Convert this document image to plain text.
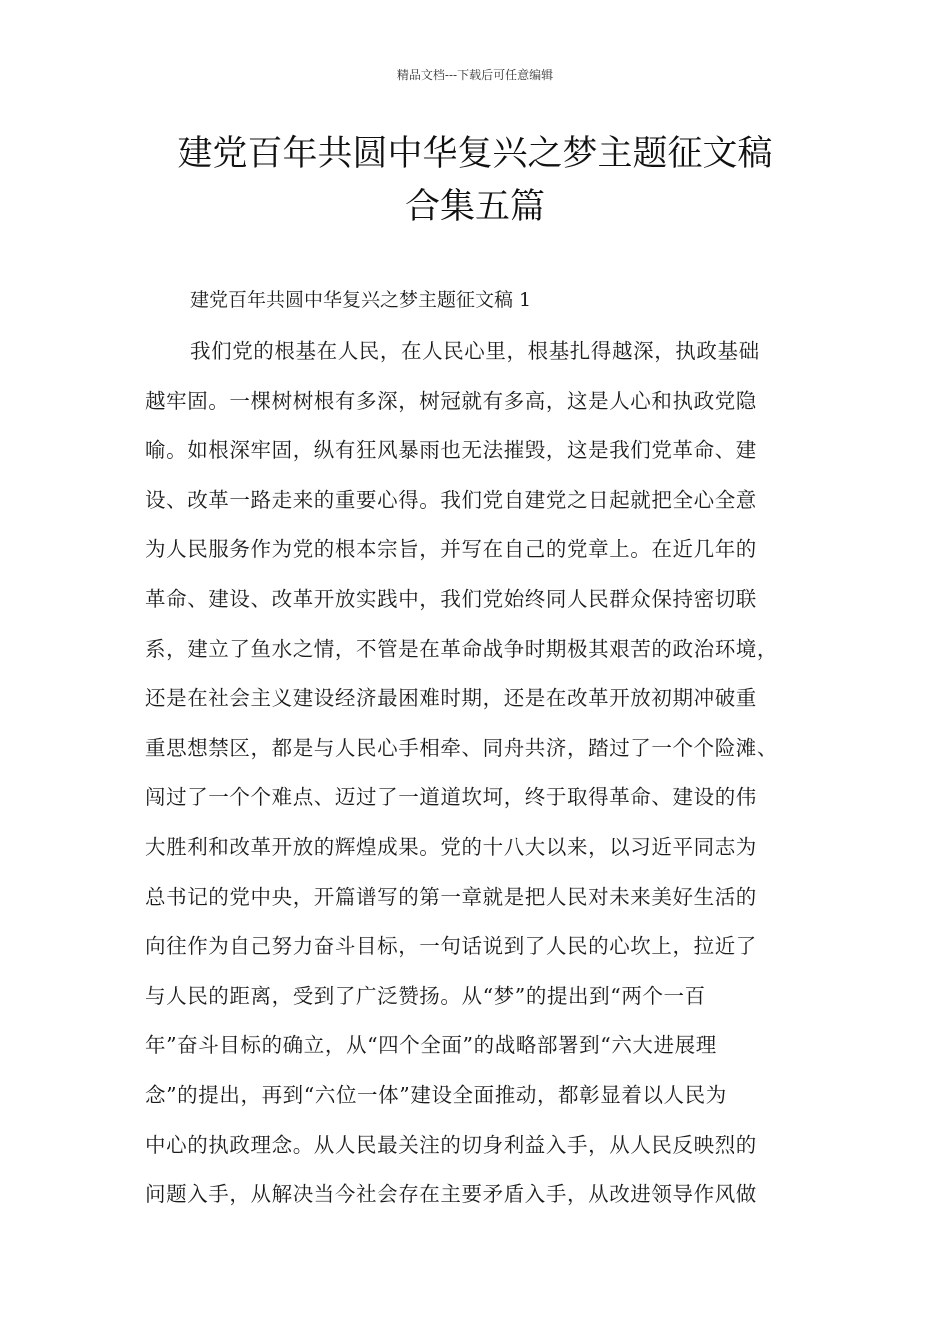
精品文档---下载后可任意编辑
建党百年共圆中华复兴之梦主题征文稿
合集五篇

建党百年共圆中华复兴之梦主题征文稿 1

我们党的根基在人民，在人民心里，根基扎得越深，执政基础
越牢固。一棵树树根有多深，树冠就有多高，这是人心和执政党隐
喻。如根深牢固，纵有狂风暴雨也无法摧毁，这是我们党革命、建
设、改革一路走来的重要心得。我们党自建党之日起就把全心全意
为人民服务作为党的根本宗旨，并写在自己的党章上。在近几年的
革命、建设、改革开放实践中，我们党始终同人民群众保持密切联
系，建立了鱼水之情，不管是在革命战争时期极其艰苦的政治环境，
还是在社会主义建设经济最困难时期，还是在改革开放初期冲破重
重思想禁区，都是与人民心手相牵、同舟共济，踏过了一个个险滩、
闯过了一个个难点、迈过了一道道坎坷，终于取得革命、建设的伟
大胜利和改革开放的辉煌成果。党的十八大以来，以习近平同志为
总书记的党中央，开篇谱写的第一章就是把人民对未来美好生活的
向往作为自己努力奋斗目标，一句话说到了人民的心坎上，拉近了
与人民的距离，受到了广泛赞扬。从“梦”的提出到“两个一百
年”奋斗目标的确立，从“四个全面”的战略部署到“六大进展理
念”的提出，再到“六位一体”建设全面推动，都彰显着以人民为
中心的执政理念。从人民最关注的切身利益入手，从人民反映烈的
问题入手，从解决当今社会存在主要矛盾入手，从改进领导作风做
